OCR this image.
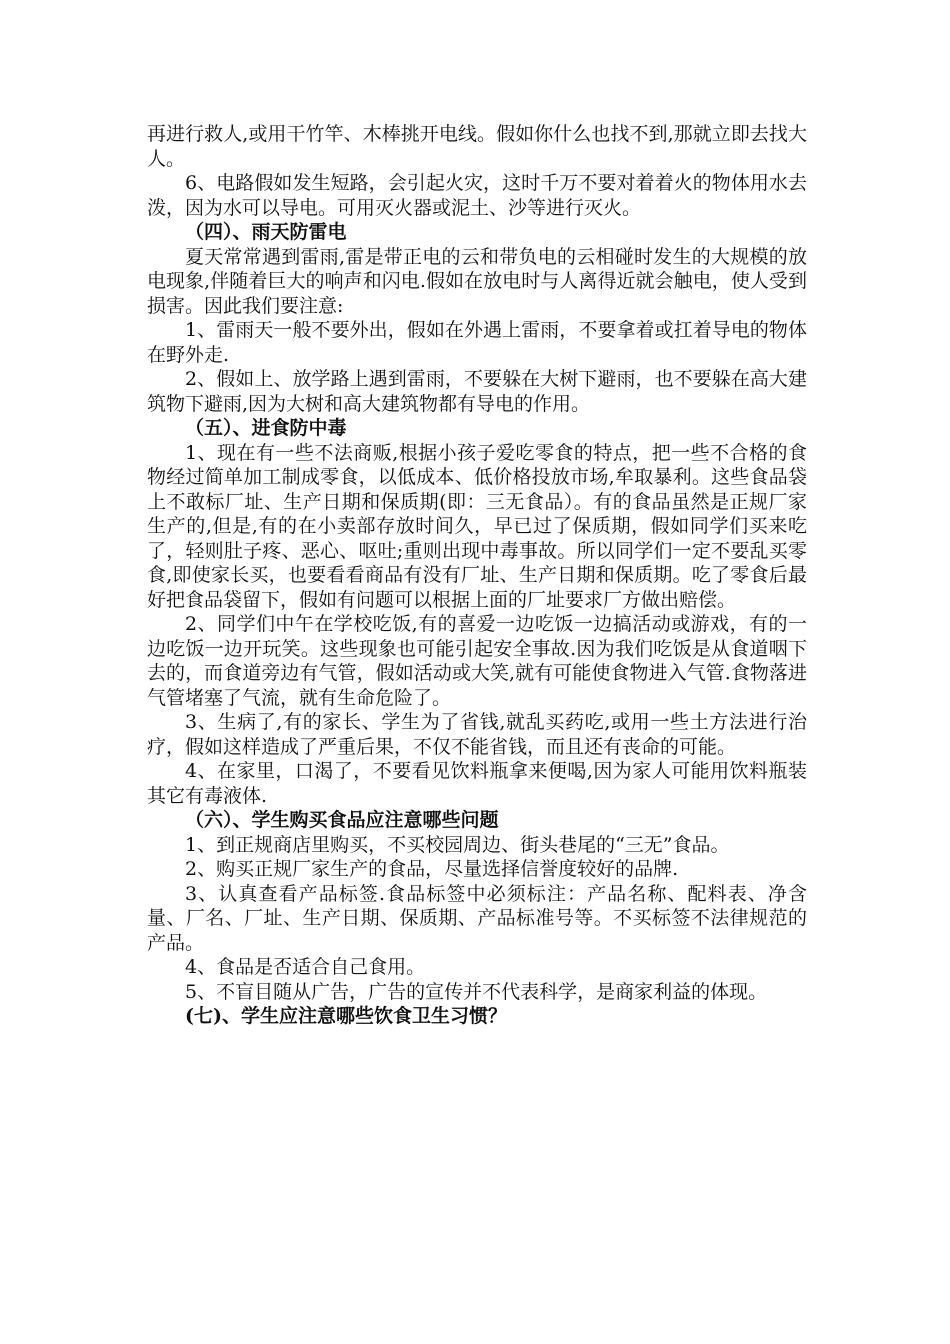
再进行救人,或用干竹竿、木棒挑开电线。假如你什么也找不到,那就立即去找大人。

6、电路假如发生短路，会引起火灾，这时千万不要对着着火的物体用水去泼，因为水可以导电。可用灭火器或泥土、沙等进行灭火。

（四）、雨天防雷电

夏天常常遇到雷雨,雷是带正电的云和带负电的云相碰时发生的大规模的放电现象,伴随着巨大的响声和闪电.假如在放电时与人离得近就会触电，使人受到损害。因此我们要注意:

1、雷雨天一般不要外出，假如在外遇上雷雨，不要拿着或扛着导电的物体在野外走.

2、假如上、放学路上遇到雷雨，不要躲在大树下避雨，也不要躲在高大建筑物下避雨,因为大树和高大建筑物都有导电的作用。

（五）、进食防中毒

1、现在有一些不法商贩,根据小孩子爱吃零食的特点，把一些不合格的食物经过简单加工制成零食，以低成本、低价格投放市场,牟取暴利。这些食品袋上不敢标厂址、生产日期和保质期(即：三无食品）。有的食品虽然是正规厂家生产的,但是,有的在小卖部存放时间久，早已过了保质期，假如同学们买来吃了，轻则肚子疼、恶心、呕吐;重则出现中毒事故。所以同学们一定不要乱买零食,即使家长买，也要看看商品有没有厂址、生产日期和保质期。吃了零食后最好把食品袋留下，假如有问题可以根据上面的厂址要求厂方做出赔偿。

2、同学们中午在学校吃饭,有的喜爱一边吃饭一边搞活动或游戏，有的一边吃饭一边开玩笑。这些现象也可能引起安全事故.因为我们吃饭是从食道咽下去的，而食道旁边有气管，假如活动或大笑,就有可能使食物进入气管.食物落进气管堵塞了气流，就有生命危险了。

3、生病了,有的家长、学生为了省钱,就乱买药吃,或用一些土方法进行治疗，假如这样造成了严重后果，不仅不能省钱，而且还有丧命的可能。

4、在家里，口渴了，不要看见饮料瓶拿来便喝,因为家人可能用饮料瓶装其它有毒液体.

（六）、学生购买食品应注意哪些问题

1、到正规商店里购买，不买校园周边、街头巷尾的“三无”食品。

2、购买正规厂家生产的食品，尽量选择信誉度较好的品牌.

3、认真查看产品标签.食品标签中必须标注：产品名称、配料表、净含量、厂名、厂址、生产日期、保质期、产品标准号等。不买标签不法律规范的产品。

4、食品是否适合自己食用。

5、不盲目随从广告，广告的宣传并不代表科学，是商家利益的体现。

(七)、学生应注意哪些饮食卫生习惯？
